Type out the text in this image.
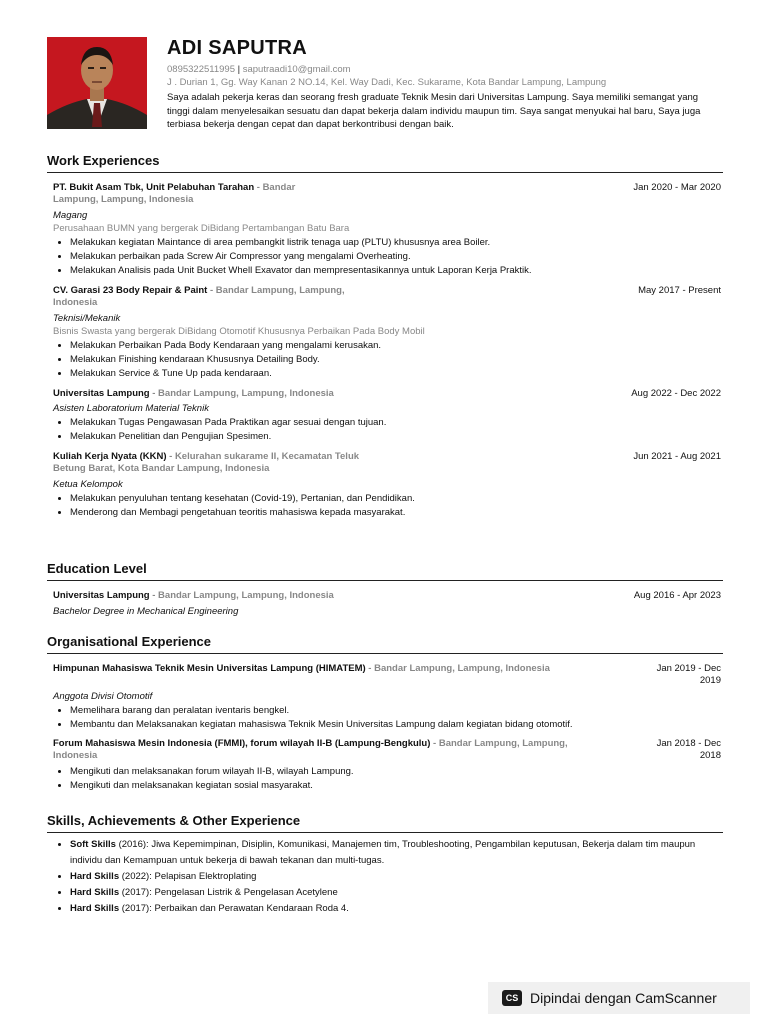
ADI SAPUTRA
0895322511995 | saputraadi10@gmail.com
J . Durian 1, Gg. Way Kanan 2 NO.14, Kel. Way Dadi, Kec. Sukarame, Kota Bandar Lampung, Lampung
Saya adalah pekerja keras dan seorang fresh graduate Teknik Mesin dari Universitas Lampung. Saya memiliki semangat yang tinggi dalam menyelesaikan sesuatu dan dapat bekerja dalam individu maupun tim. Saya sangat menyukai hal baru, Saya juga terbiasa bekerja dengan cepat dan dapat berkontribusi dengan baik.
Work Experiences
PT. Bukit Asam Tbk, Unit Pelabuhan Tarahan - Bandar Lampung, Lampung, Indonesia
Jan 2020 - Mar 2020
Magang
Perusahaan BUMN yang bergerak DiBidang Pertambangan Batu Bara
• Melakukan kegiatan Maintance di area pembangkit listrik tenaga uap (PLTU) khususnya area Boiler.
• Melakukan perbaikan pada Screw Air Compressor yang mengalami Overheating.
• Melakukan Analisis pada Unit Bucket Whell Exavator dan mempresentasikannya untuk Laporan Kerja Praktik.
CV. Garasi 23 Body Repair & Paint - Bandar Lampung, Lampung, Indonesia
May 2017 - Present
Teknisi/Mekanik
Bisnis Swasta yang bergerak DiBidang Otomotif Khususnya Perbaikan Pada Body Mobil
• Melakukan Perbaikan Pada Body Kendaraan yang mengalami kerusakan.
• Melakukan Finishing kendaraan Khususnya Detailing Body.
• Melakukan Service & Tune Up pada kendaraan.
Universitas Lampung - Bandar Lampung, Lampung, Indonesia	Aug 2022 - Dec 2022
Asisten Laboratorium Material Teknik
• Melakukan Tugas Pengawasan Pada Praktikan agar sesuai dengan tujuan.
• Melakukan Penelitian dan Pengujian Spesimen.
Kuliah Kerja Nyata (KKN) - Kelurahan sukarame II, Kecamatan Teluk Betung Barat, Kota Bandar Lampung, Indonesia
Jun 2021 - Aug 2021
Ketua Kelompok
• Melakukan penyuluhan tentang kesehatan (Covid-19), Pertanian, dan Pendidikan.
• Menderong dan Membagi pengetahuan teoritis mahasiswa kepada masyarakat.
Education Level
Universitas Lampung - Bandar Lampung, Lampung, Indonesia	Aug 2016 - Apr 2023
Bachelor Degree in Mechanical Engineering
Organisational Experience
Himpunan Mahasiswa Teknik Mesin Universitas Lampung (HIMATEM) - Bandar Lampung, Lampung, Indonesia	Jan 2019 - Dec 2019
Anggota Divisi Otomotif
• Memelihara barang dan peralatan iventaris bengkel.
• Membantu dan Melaksanakan kegiatan mahasiswa Teknik Mesin Universitas Lampung dalam kegiatan bidang otomotif.
Forum Mahasiswa Mesin Indonesia (FMMI), forum wilayah II-B (Lampung-Bengkulu) - Bandar Lampung, Lampung, Indonesia
Jan 2018 - Dec 2018
• Mengikuti dan melaksanakan forum wilayah II-B, wilayah Lampung.
• Mengikuti dan melaksanakan kegiatan sosial masyarakat.
Skills, Achievements & Other Experience
• Soft Skills (2016): Jiwa Kepemimpinan, Disiplin, Komunikasi, Manajemen tim, Troubleshooting, Pengambilan keputusan, Bekerja dalam tim maupun individu dan Kemampuan untuk bekerja di bawah tekanan dan multi-tugas.
• Hard Skills (2022): Pelapisan Elektroplating
• Hard Skills (2017): Pengelasan Listrik & Pengelasan Acetylene
• Hard Skills (2017): Perbaikan dan Perawatan Kendaraan Roda 4.
CS Dipindai dengan CamScanner
